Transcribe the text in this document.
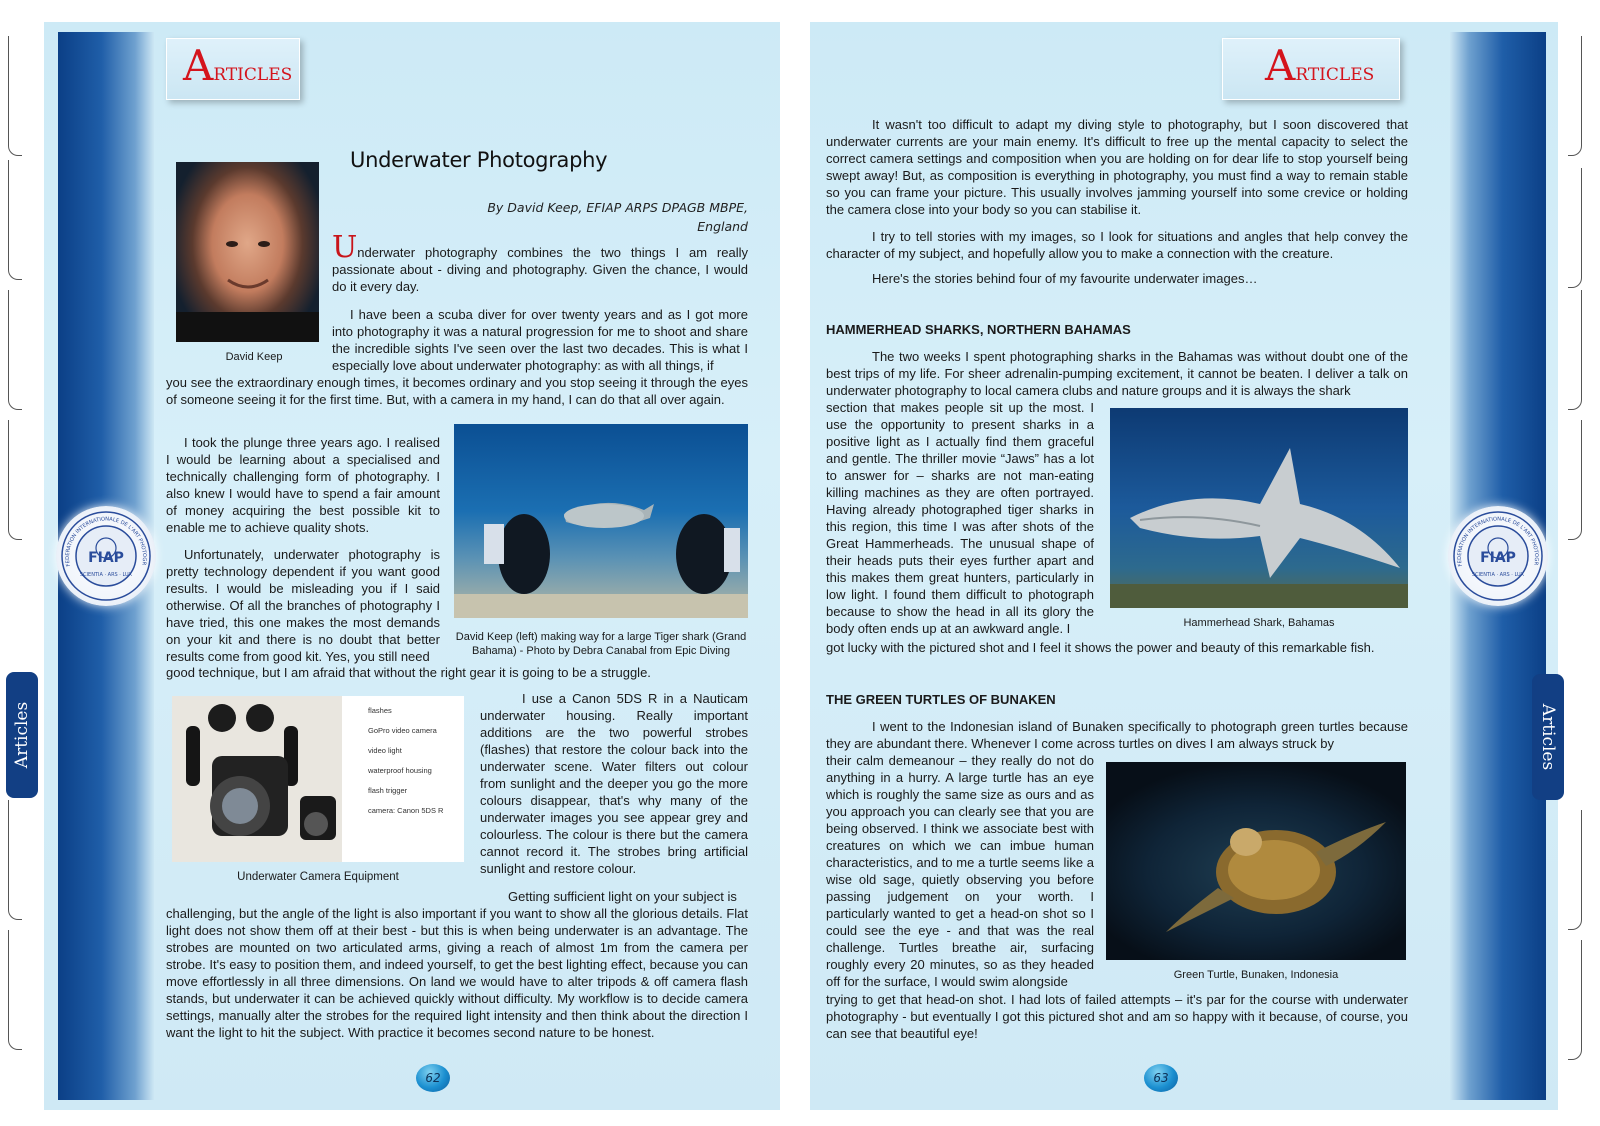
FIAP
SCIENTIA · ARS · LUX
FEDERATION INTERNATIONALE DE L'ART PHOTOGR
ARTICLES
Underwater Photography
David Keep
By David Keep, EFIAP ARPS DPAGB MBPE, England
Underwater photography combines the two things I am really passionate about - diving and photography. Given the chance, I would do it every day.
I have been a scuba diver for over twenty years and as I got more into photography it was a natural progression for me to shoot and share the incredible sights I've seen over the last two decades. This is what I especially love about underwater photography: as with all things, if
you see the extraordinary enough times, it becomes ordinary and you stop seeing it through the eyes of someone seeing it for the first time. But, with a camera in my hand, I can do that all over again.
I took the plunge three years ago. I realised I would be learning about a specialised and technically challenging form of photography. I also knew I would have to spend a fair amount of money acquiring the best possible kit to enable me to achieve quality shots.
David Keep (left) making way for a large Tiger shark (Grand Bahama) - Photo by Debra Canabal from Epic Diving
Unfortunately, underwater photography is pretty technology dependent if you want good results. I would be misleading you if I said otherwise. Of all the branches of photography I have tried, this one makes the most demands on your kit and there is no doubt that better results come from good kit. Yes, you still need
good technique, but I am afraid that without the right gear it is going to be a struggle.
flashes
GoPro video camera
video light
waterproof housing
flash trigger
camera: Canon 5DS R
Underwater Camera Equipment
I use a Canon 5DS R in a Nauticam underwater housing. Really important additions are the two powerful strobes (flashes) that restore the colour back into the underwater scene. Water filters out colour from sunlight and the deeper you go the more colours disappear, that's why many of the underwater images you see appear grey and colourless. The colour is there but the camera cannot record it. The strobes bring artificial sunlight and restore colour.
Getting sufficient light on your subject is
challenging, but the angle of the light is also important if you want to show all the glorious details. Flat light does not show them off at their best - but this is when being underwater is an advantage. The strobes are mounted on two articulated arms, giving a reach of almost 1m from the camera per strobe. It's easy to position them, and indeed yourself, to get the best lighting effect, because you can move effortlessly in all three dimensions. On land we would have to alter tripods & off camera flash stands, but underwater it can be achieved quickly without difficulty. My workflow is to decide camera settings, manually alter the strobes for the required light intensity and then think about the direction I want the light to hit the subject. With practice it becomes second nature to be honest.
62
FIAP
SCIENTIA · ARS · LUX
FEDERATION INTERNATIONALE DE L'ART PHOTOGR
ARTICLES
It wasn't too difficult to adapt my diving style to photography, but I soon discovered that underwater currents are your main enemy. It's difficult to free up the mental capacity to select the correct camera settings and composition when you are holding on for dear life to stop yourself being swept away! But, as composition is everything in photography, you must find a way to remain stable so you can frame your picture. This usually involves jamming yourself into some crevice or holding the camera close into your body so you can stabilise it.
I try to tell stories with my images, so I look for situations and angles that help convey the character of my subject, and hopefully allow you to make a connection with the creature.
Here's the stories behind four of my favourite underwater images…
HAMMERHEAD SHARKS, NORTHERN BAHAMAS
The two weeks I spent photographing sharks in the Bahamas was without doubt one of the best trips of my life. For sheer adrenalin-pumping excitement, it cannot be beaten. I deliver a talk on underwater photography to local camera clubs and nature groups and it is always the shark
section that makes people sit up the most. I use the opportunity to present sharks in a positive light as I actually find them graceful and gentle. The thriller movie “Jaws” has a lot to answer for – sharks are not man-eating killing machines as they are often portrayed. Having already photographed tiger sharks in this region, this time I was after shots of the Great Hammerheads. The unusual shape of their heads puts their eyes further apart and this makes them great hunters, particularly in low light. I found them difficult to photograph because to show the head in all its glory the body often ends up at an awkward angle. I
got lucky with the pictured shot and I feel it shows the power and beauty of this remarkable fish.
Hammerhead Shark, Bahamas
THE GREEN TURTLES OF BUNAKEN
I went to the Indonesian island of Bunaken specifically to photograph green turtles because they are abundant there. Whenever I come across turtles on dives I am always struck by
their calm demeanour – they really do not do anything in a hurry. A large turtle has an eye which is roughly the same size as ours and as you approach you can clearly see that you are being observed. I think we associate best with creatures on which we can imbue human characteristics, and to me a turtle seems like a wise old sage, quietly observing you before passing judgement on your worth. I particularly wanted to get a head-on shot so I could see the eye - and that was the real challenge. Turtles breathe air, surfacing roughly every 20 minutes, so as they headed off for the surface, I would swim alongside
trying to get that head-on shot. I had lots of failed attempts – it's par for the course with underwater photography - but eventually I got this pictured shot and am so happy with it because, of course, you can see that beautiful eye!
Green Turtle, Bunaken, Indonesia
63
Articles	Articles
